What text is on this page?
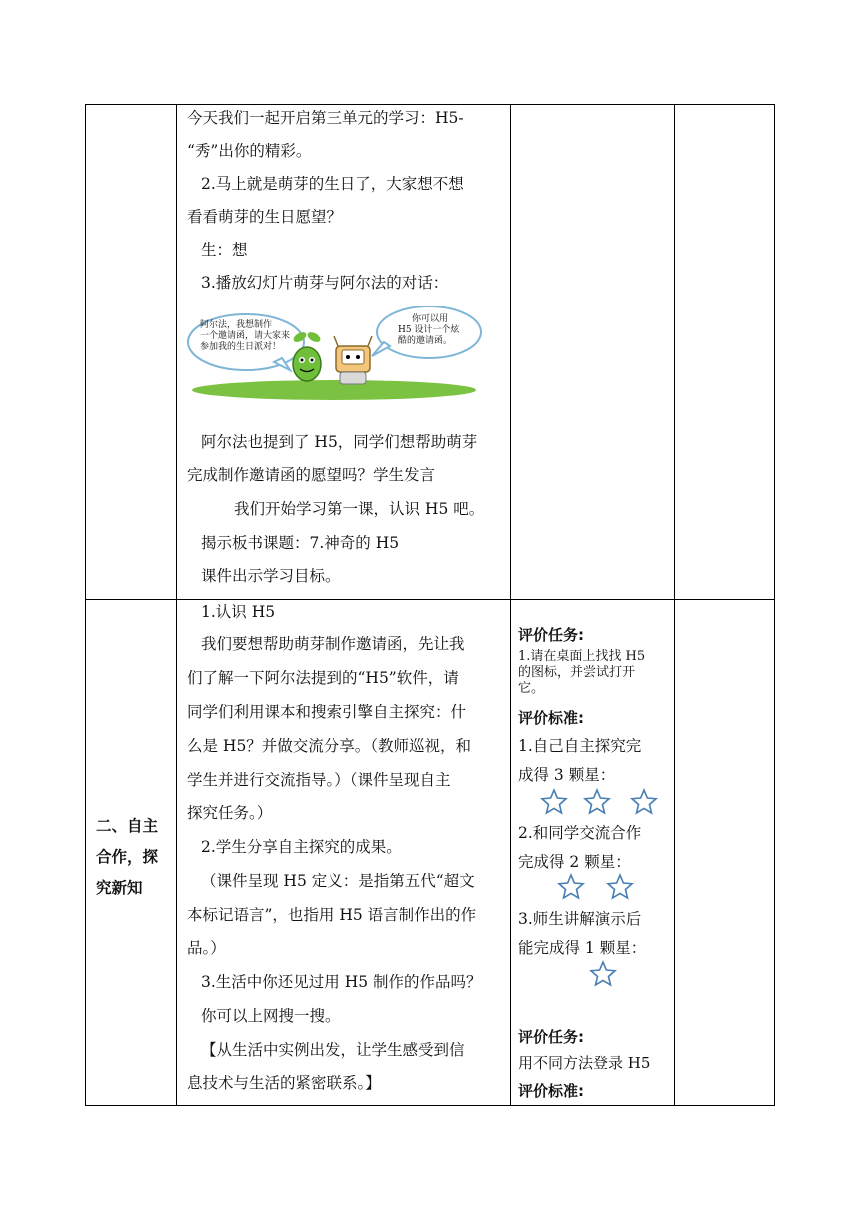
今天我们一起开启第三单元的学习：H5-
“秀”出你的精彩。
2.马上就是萌芽的生日了，大家想不想
看看萌芽的生日愿望？
生：想
3.播放幻灯片萌芽与阿尔法的对话：
阿尔法，我想制作
一个邀请函，请大家来
参加我的生日派对！
你可以用
H5 设计一个炫
酷的邀请函。
阿尔法也提到了 H5，同学们想帮助萌芽
完成制作邀请函的愿望吗？学生发言
我们开始学习第一课，认识 H5 吧。
揭示板书课题：7.神奇的 H5
课件出示学习目标。
二、自主
合作，探
究新知
1.认识 H5
我们要想帮助萌芽制作邀请函，先让我
们了解一下阿尔法提到的“H5”软件，请
同学们利用课本和搜索引擎自主探究：什
么是 H5？并做交流分享。（教师巡视，和
学生并进行交流指导。）（课件呈现自主
探究任务。）
2.学生分享自主探究的成果。
（课件呈现 H5 定义：是指第五代“超文
本标记语言”，也指用 H5 语言制作出的作
品。）
3.生活中你还见过用 H5 制作的作品吗？
你可以上网搜一搜。
【从生活中实例出发，让学生感受到信
息技术与生活的紧密联系。】
评价任务:
1.请在桌面上找找 H5
的图标，并尝试打开
它。
评价标准:
1.自己自主探究完
成得 3 颗星：
2.和同学交流合作
完成得 2 颗星：
3.师生讲解演示后
能完成得 1 颗星：
评价任务:
用不同方法登录 H5
评价标准:
